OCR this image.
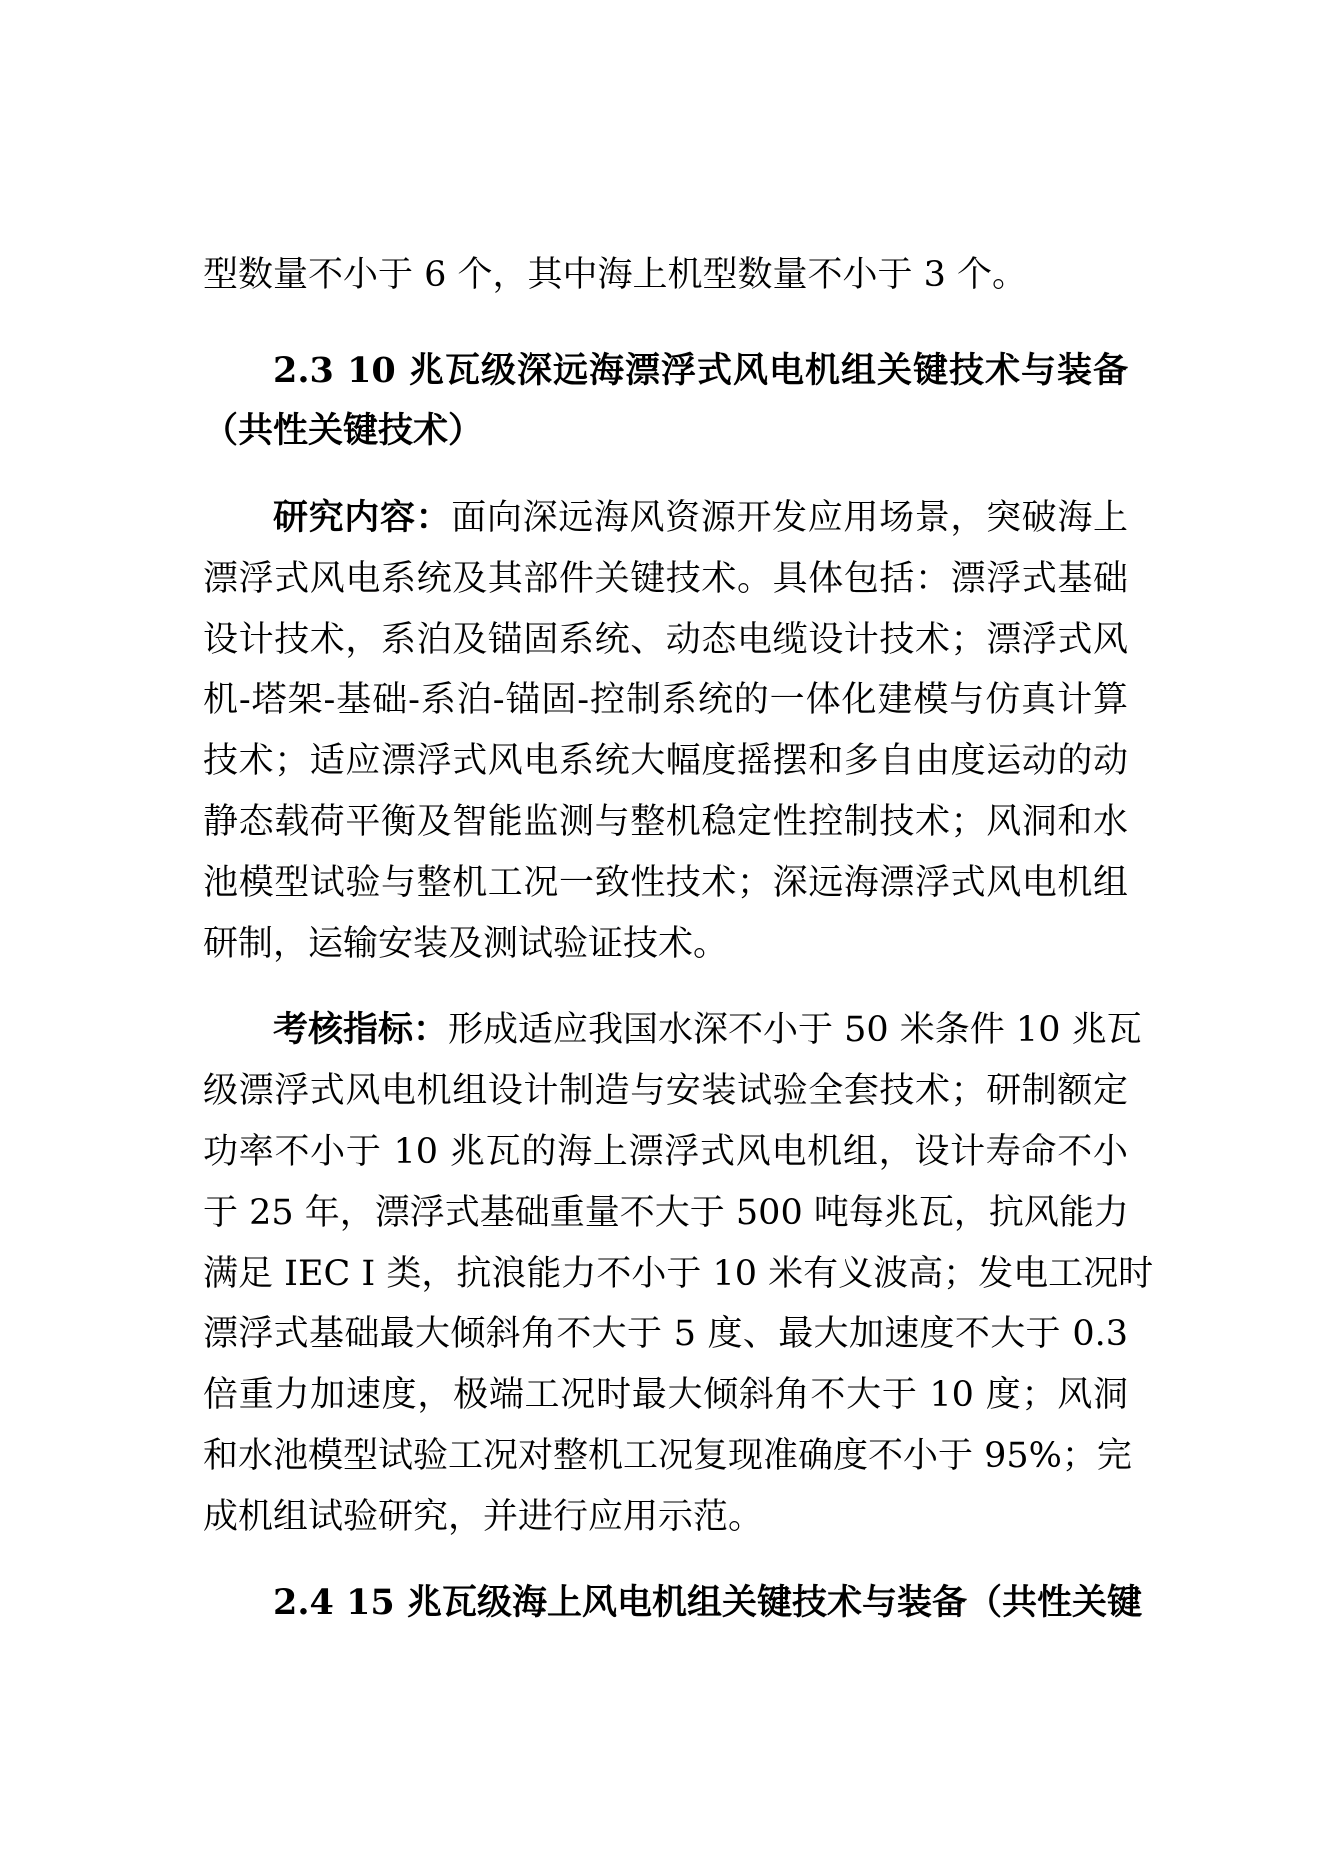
型数量不小于 6 个，其中海上机型数量不小于 3 个。
2.3 10 兆瓦级深远海漂浮式风电机组关键技术与装备
（共性关键技术）
研究内容：面向深远海风资源开发应用场景，突破海上
漂浮式风电系统及其部件关键技术。具体包括：漂浮式基础
设计技术，系泊及锚固系统、动态电缆设计技术；漂浮式风
机-塔架-基础-系泊-锚固-控制系统的一体化建模与仿真计算
技术；适应漂浮式风电系统大幅度摇摆和多自由度运动的动
静态载荷平衡及智能监测与整机稳定性控制技术；风洞和水
池模型试验与整机工况一致性技术；深远海漂浮式风电机组
研制，运输安装及测试验证技术。
考核指标：形成适应我国水深不小于 50 米条件 10 兆瓦
级漂浮式风电机组设计制造与安装试验全套技术；研制额定
功率不小于 10 兆瓦的海上漂浮式风电机组，设计寿命不小
于 25 年，漂浮式基础重量不大于 500 吨每兆瓦，抗风能力
满足 IEC I 类，抗浪能力不小于 10 米有义波高；发电工况时
漂浮式基础最大倾斜角不大于 5 度、最大加速度不大于 0.3
倍重力加速度，极端工况时最大倾斜角不大于 10 度；风洞
和水池模型试验工况对整机工况复现准确度不小于 95%；完
成机组试验研究，并进行应用示范。
2.4 15 兆瓦级海上风电机组关键技术与装备（共性关键
